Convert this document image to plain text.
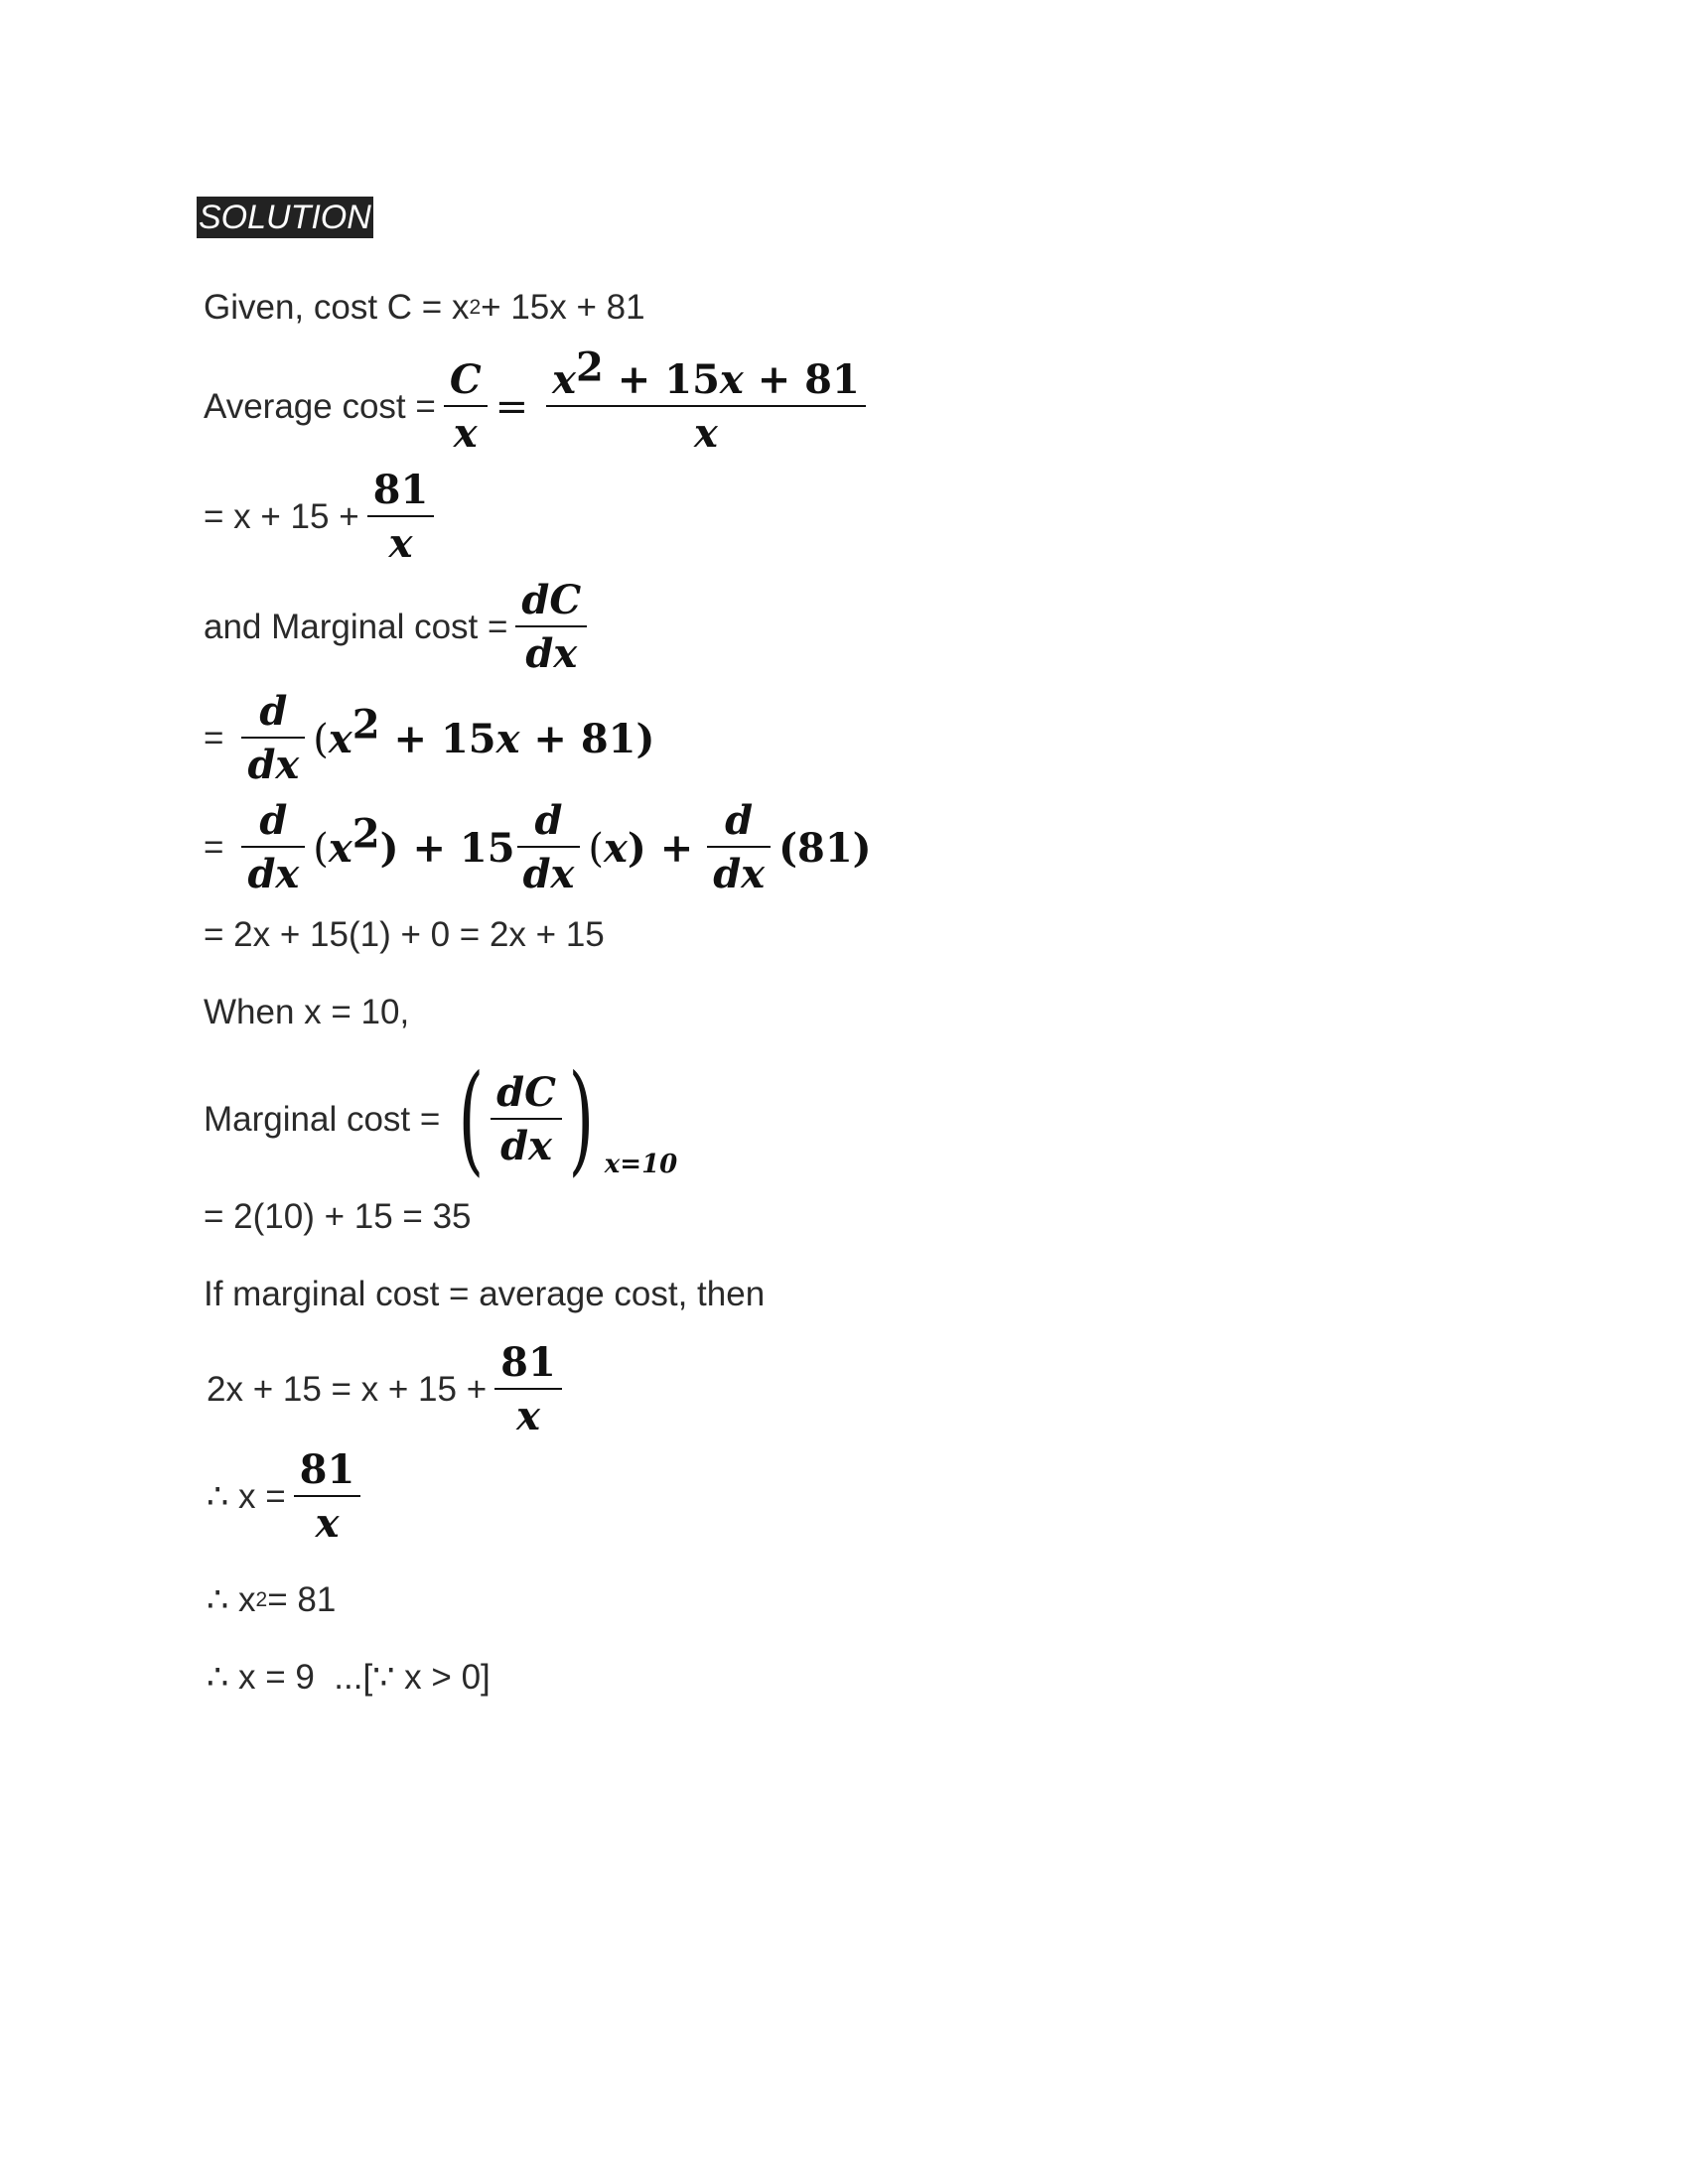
SOLUTION
Given, cost C = x 2 + 15x + 81
Average $\cos t = \frac{C}{x} = \frac{x^2 + 15x + 81}{x}$
= $x + 15 + \frac{81}{x}$
and Marginal $\cos t = \frac{dC}{dx}$
= $\frac{d}{dx} (x^2 + 15x + 81)$
= $\frac{d}{dx} (x^2) + 15 \frac{d}{dx} (x) + \frac{d}{dx} (81)$
= 2x + 15(1) + 0 = 2x + 15
When x = 10,
Marginal cost = ( $\frac{dC}{dx}$ ) x=10
= 2(10) + 15 = 35
If marginal cost = average cost, then
$2x + 15 = x + 15 + \frac{81}{x}$
∴ $x = \frac{81}{x}$
∴ x 2 = 81
∴ x = 9  ...[∵ x > 0]
